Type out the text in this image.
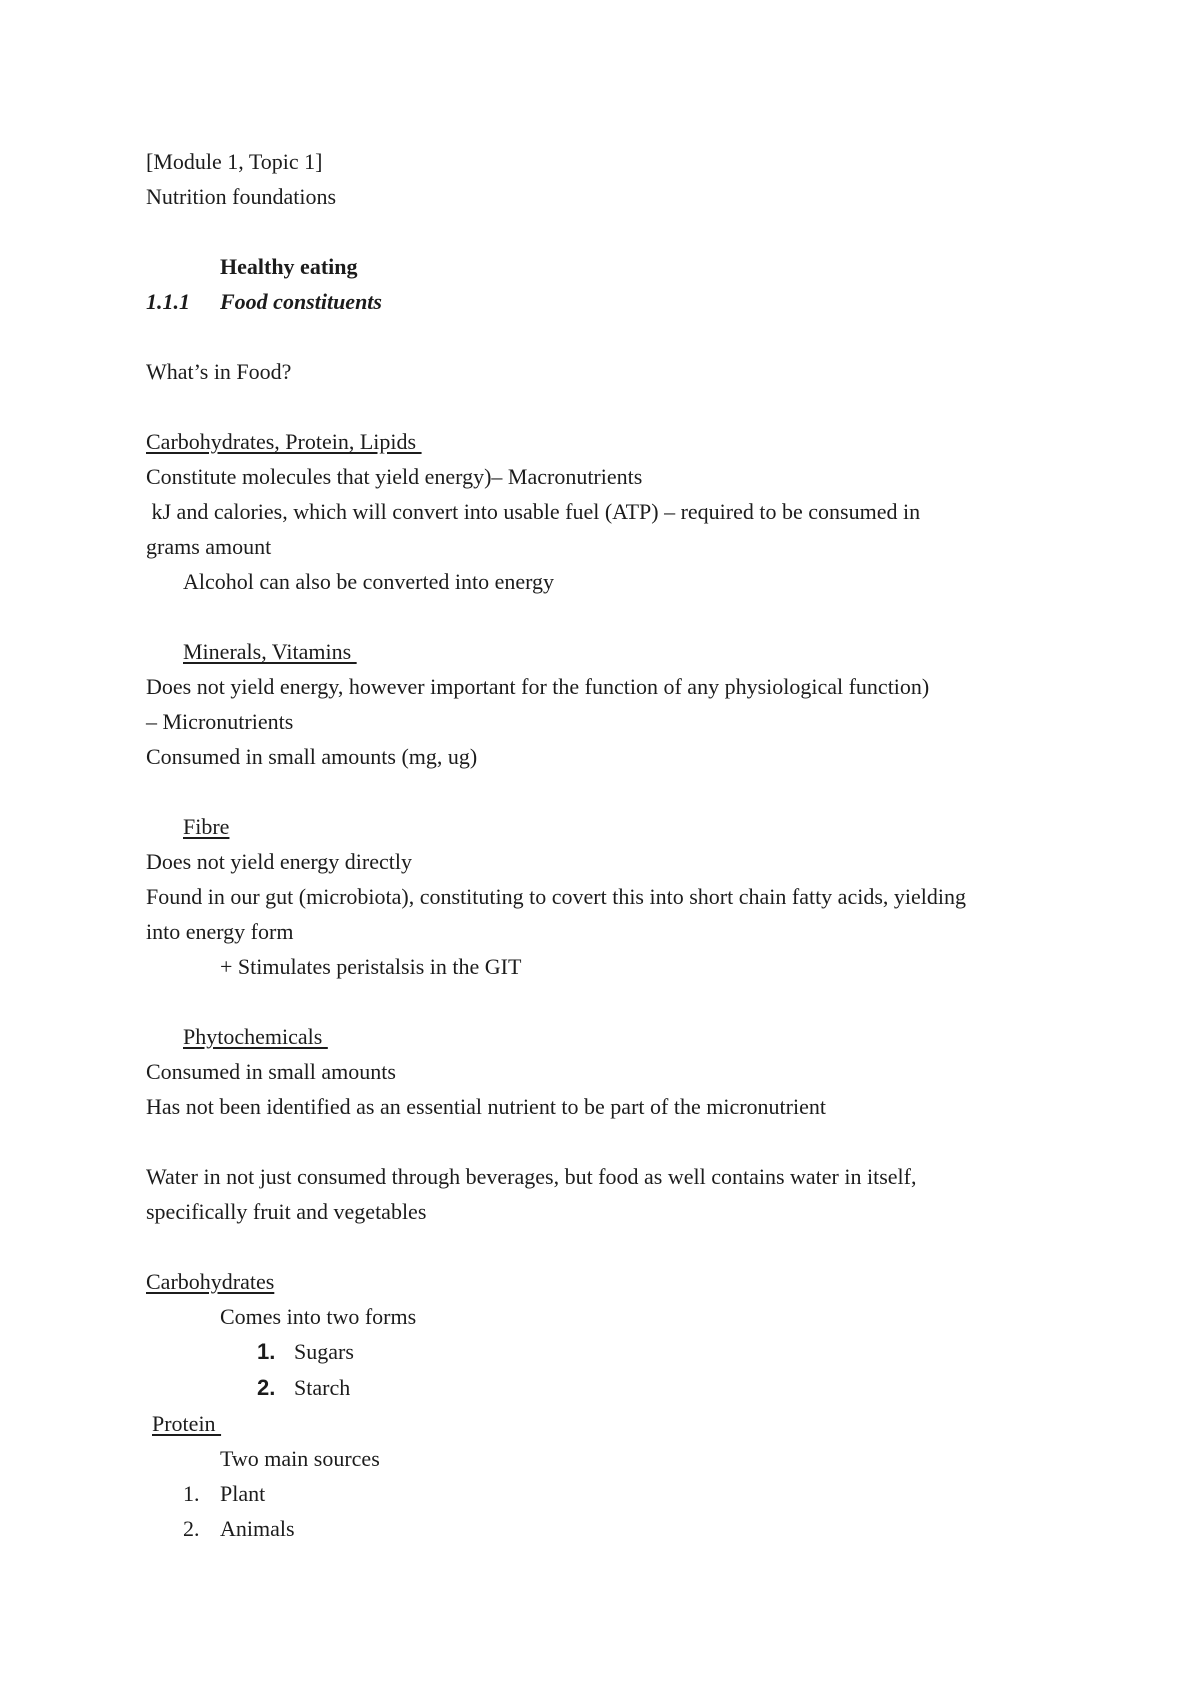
[Module 1, Topic 1]
Nutrition foundations
Healthy eating
1.1.1 Food constituents
What’s in Food?
Carbohydrates, Protein, Lipids
Constitute molecules that yield energy)– Macronutrients
kJ and calories, which will convert into usable fuel (ATP) – required to be consumed in
grams amount
Alcohol can also be converted into energy
Minerals, Vitamins
Does not yield energy, however important for the function of any physiological function)
– Micronutrients
Consumed in small amounts (mg, ug)
Fibre
Does not yield energy directly
Found in our gut (microbiota), constituting to covert this into short chain fatty acids, yielding
into energy form
+ Stimulates peristalsis in the GIT
Phytochemicals
Consumed in small amounts
Has not been identified as an essential nutrient to be part of the micronutrient
Water in not just consumed through beverages, but food as well contains water in itself,
specifically fruit and vegetables
Carbohydrates
Comes into two forms
1. Sugars
2. Starch
Protein
Two main sources
1. Plant
2. Animals
